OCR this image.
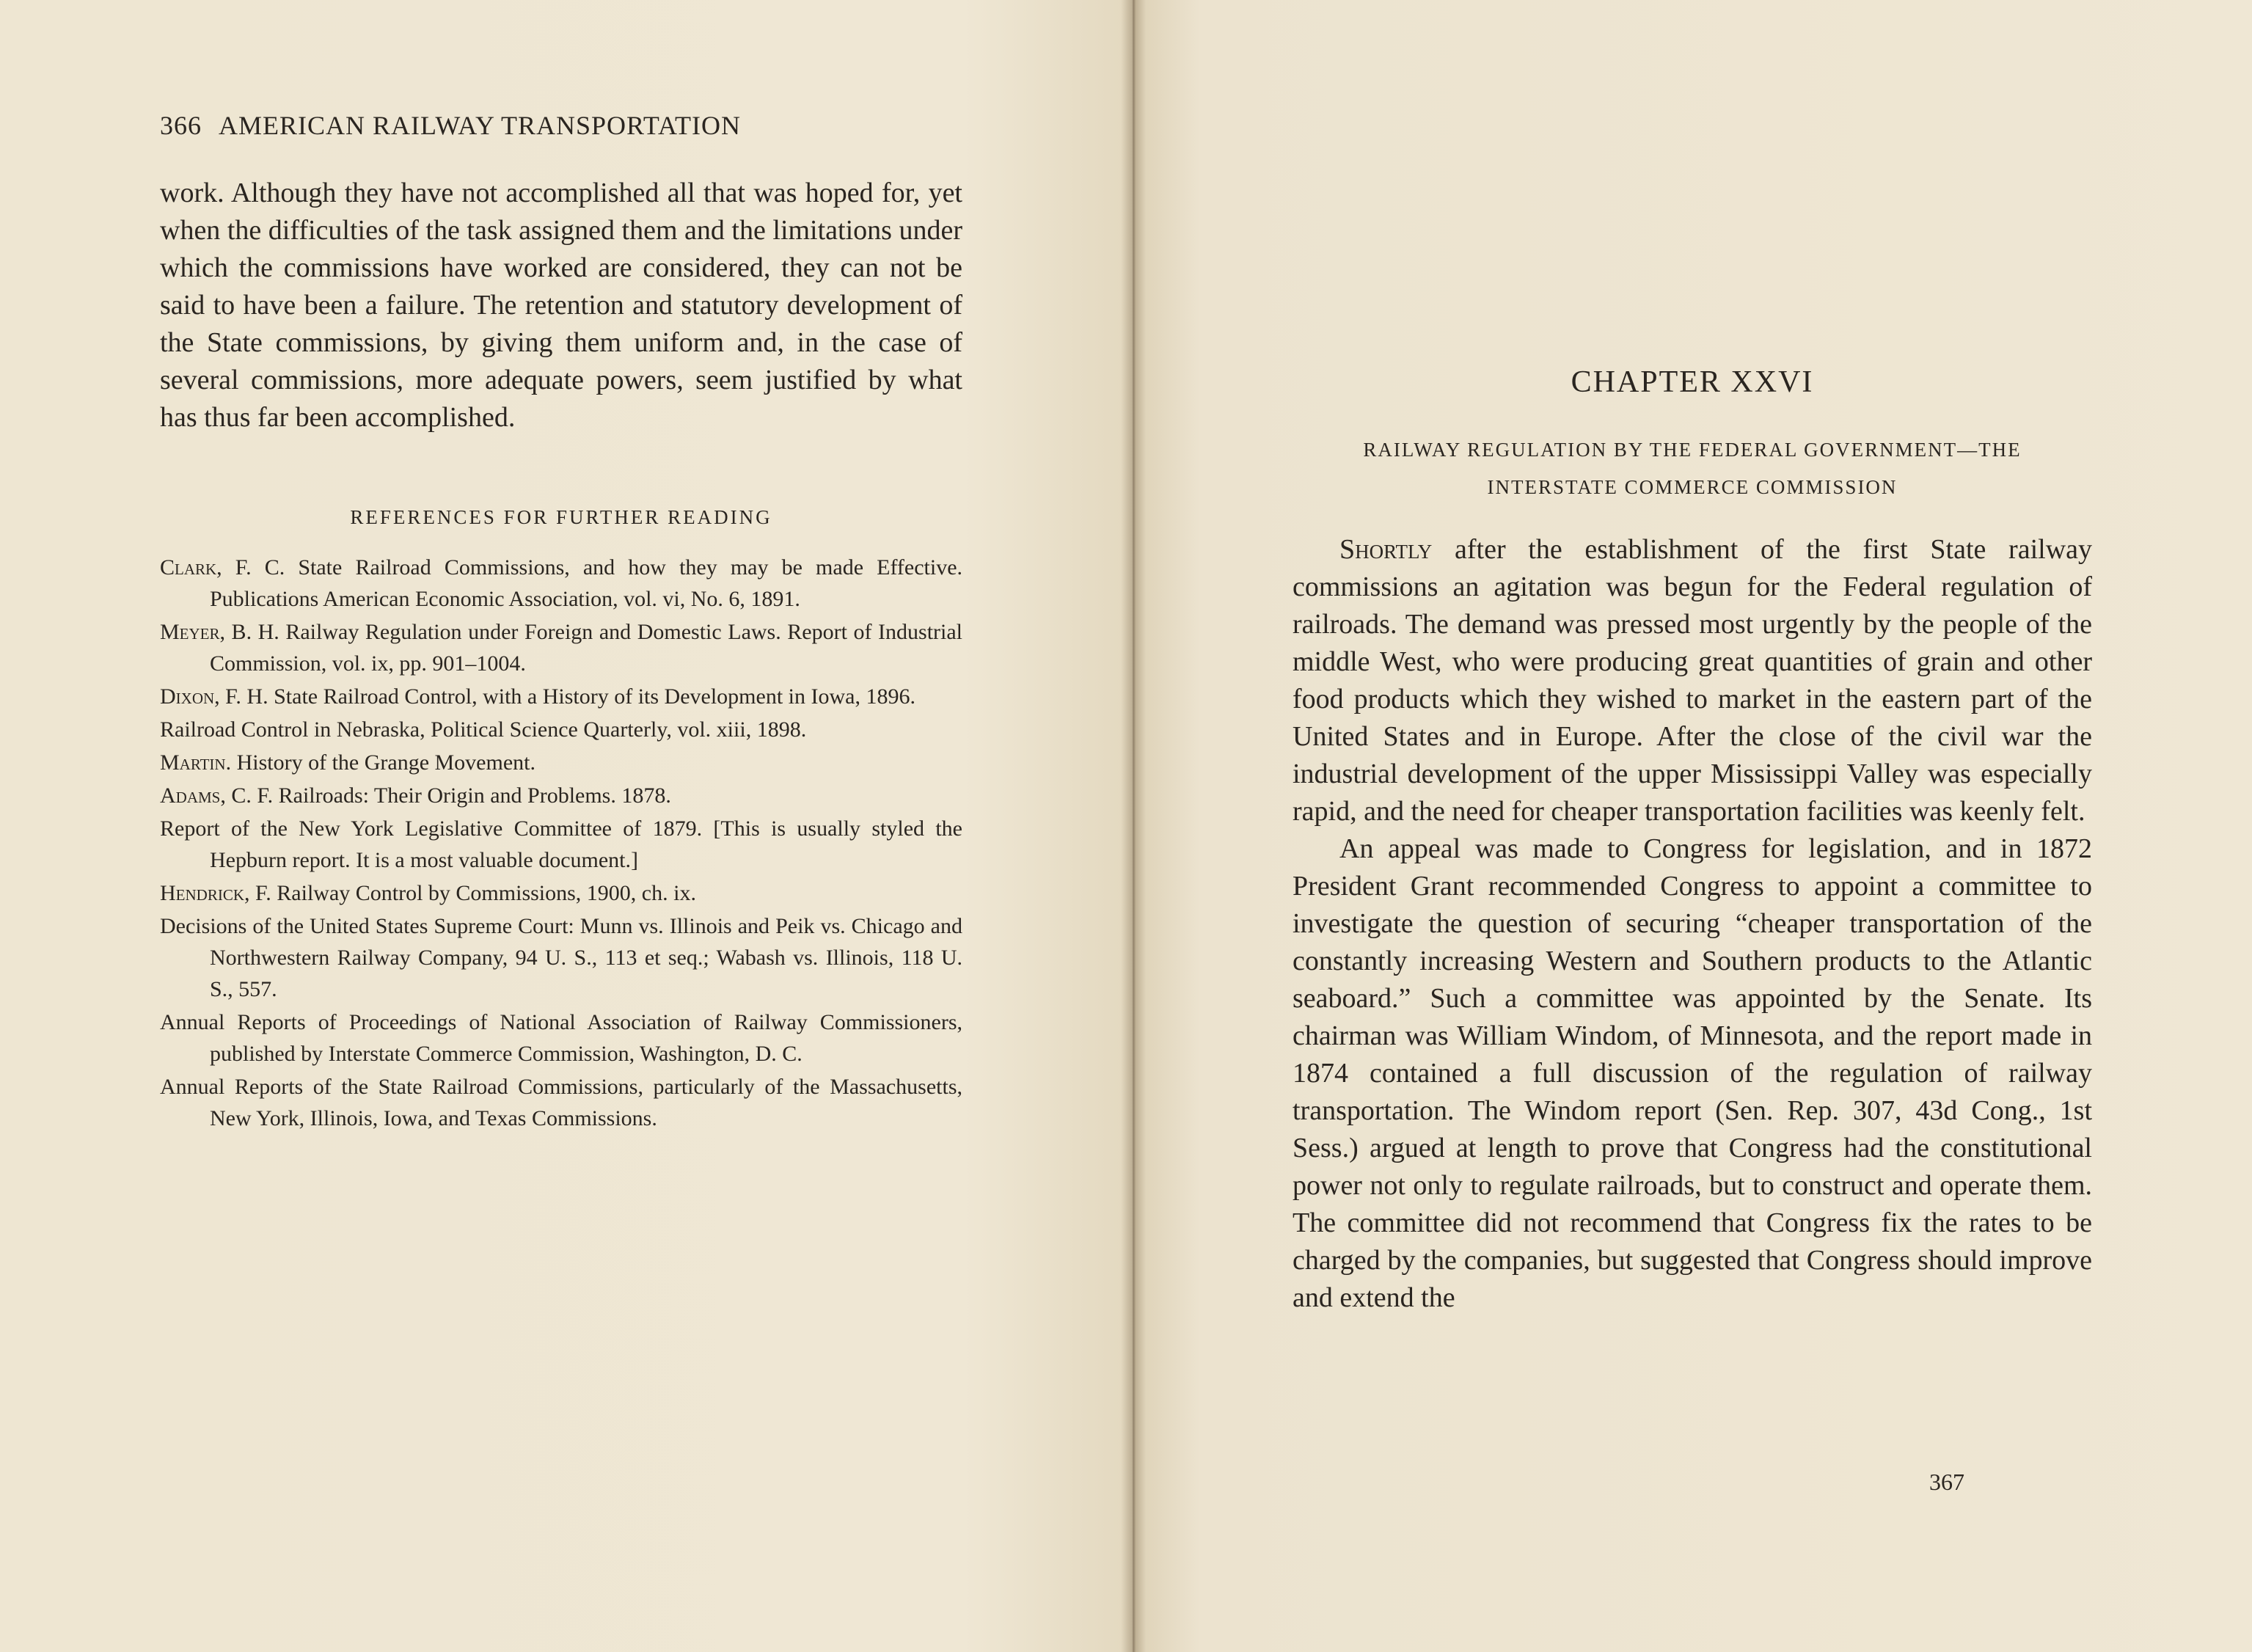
366 AMERICAN RAILWAY TRANSPORTATION
work. Although they have not accomplished all that was hoped for, yet when the difficulties of the task assigned them and the limitations under which the commissions have worked are considered, they can not be said to have been a failure. The retention and statutory development of the State commissions, by giving them uniform and, in the case of several commissions, more adequate powers, seem justified by what has thus far been accomplished.
REFERENCES FOR FURTHER READING
Clark, F. C. State Railroad Commissions, and how they may be made Effective. Publications American Economic Association, vol. vi, No. 6, 1891.
Meyer, B. H. Railway Regulation under Foreign and Domestic Laws. Report of Industrial Commission, vol. ix, pp. 901–1004.
Dixon, F. H. State Railroad Control, with a History of its Development in Iowa, 1896.
Railroad Control in Nebraska, Political Science Quarterly, vol. xiii, 1898.
Martin. History of the Grange Movement.
Adams, C. F. Railroads: Their Origin and Problems. 1878.
Report of the New York Legislative Committee of 1879. [This is usually styled the Hepburn report. It is a most valuable document.]
Hendrick, F. Railway Control by Commissions, 1900, ch. ix.
Decisions of the United States Supreme Court: Munn vs. Illinois and Peik vs. Chicago and Northwestern Railway Company, 94 U. S., 113 et seq.; Wabash vs. Illinois, 118 U. S., 557.
Annual Reports of Proceedings of National Association of Railway Commissioners, published by Interstate Commerce Commission, Washington, D. C.
Annual Reports of the State Railroad Commissions, particularly of the Massachusetts, New York, Illinois, Iowa, and Texas Commissions.
CHAPTER XXVI
RAILWAY REGULATION BY THE FEDERAL GOVERNMENT—THE
INTERSTATE COMMERCE COMMISSION

Shortly after the establishment of the first State railway commissions an agitation was begun for the Federal regulation of railroads. The demand was pressed most urgently by the people of the middle West, who were producing great quantities of grain and other food products which they wished to market in the eastern part of the United States and in Europe. After the close of the civil war the industrial development of the upper Mississippi Valley was especially rapid, and the need for cheaper transportation facilities was keenly felt.

An appeal was made to Congress for legislation, and in 1872 President Grant recommended Congress to appoint a committee to investigate the question of securing “cheaper transportation of the constantly increasing Western and Southern products to the Atlantic seaboard.” Such a committee was appointed by the Senate. Its chairman was William Windom, of Minnesota, and the report made in 1874 contained a full discussion of the regulation of railway transportation. The Windom report (Sen. Rep. 307, 43d Cong., 1st Sess.) argued at length to prove that Congress had the constitutional power not only to regulate railroads, but to construct and operate them. The committee did not recommend that Congress fix the rates to be charged by the companies, but suggested that Congress should improve and extend the

367
